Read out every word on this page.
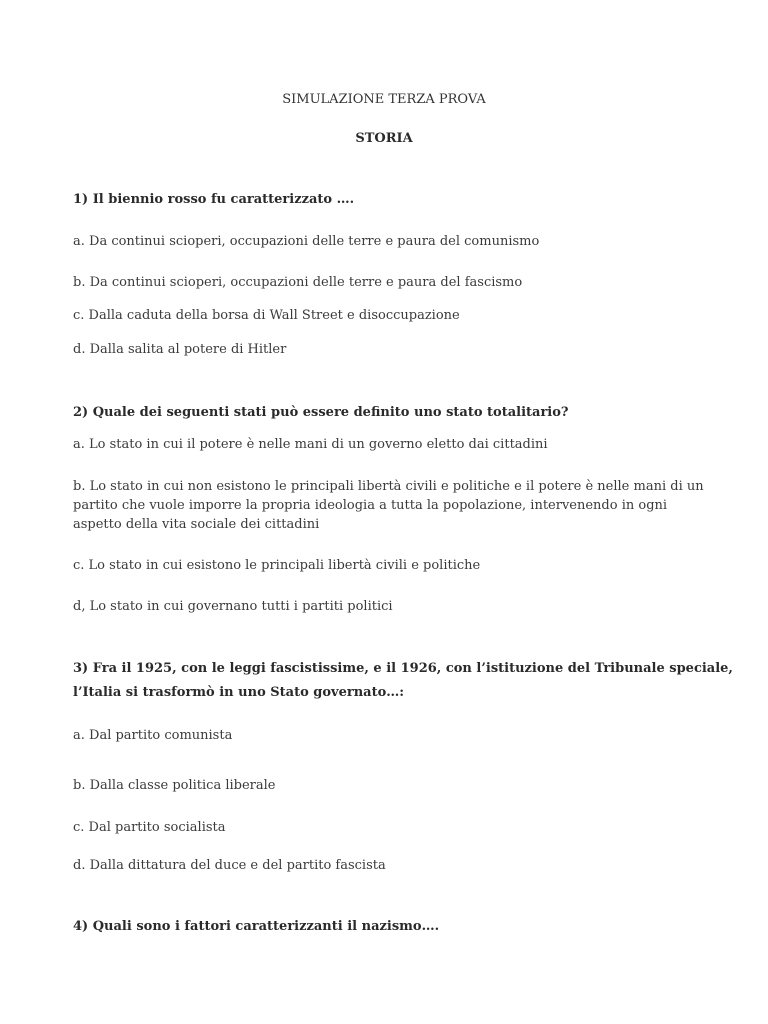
SIMULAZIONE TERZA PROVA
STORIA
1) Il biennio rosso fu caratterizzato ….
a. Da continui scioperi, occupazioni delle terre e paura del comunismo
b. Da continui scioperi, occupazioni delle terre e paura del fascismo
c. Dalla caduta della borsa di Wall Street e disoccupazione
d. Dalla salita al potere di Hitler
2) Quale dei seguenti stati può essere definito uno stato totalitario?
a. Lo stato in cui il potere è nelle mani di un governo eletto dai cittadini
b. Lo stato in cui non esistono le principali libertà civili e politiche e il potere è nelle mani di un partito che vuole imporre la propria ideologia a tutta la popolazione, intervenendo in ogni aspetto della vita sociale dei cittadini
c. Lo stato in cui esistono le principali libertà civili e politiche
d, Lo stato in cui governano tutti i partiti politici
3) Fra il 1925, con le leggi fascistissime, e il 1926, con l’istituzione del Tribunale speciale,
l’Italia si trasformò in uno Stato governato…:
a. Dal partito comunista
b. Dalla classe politica liberale
c. Dal partito socialista
d. Dalla dittatura del duce e del partito fascista
4) Quali sono i fattori caratterizzanti il nazismo….
